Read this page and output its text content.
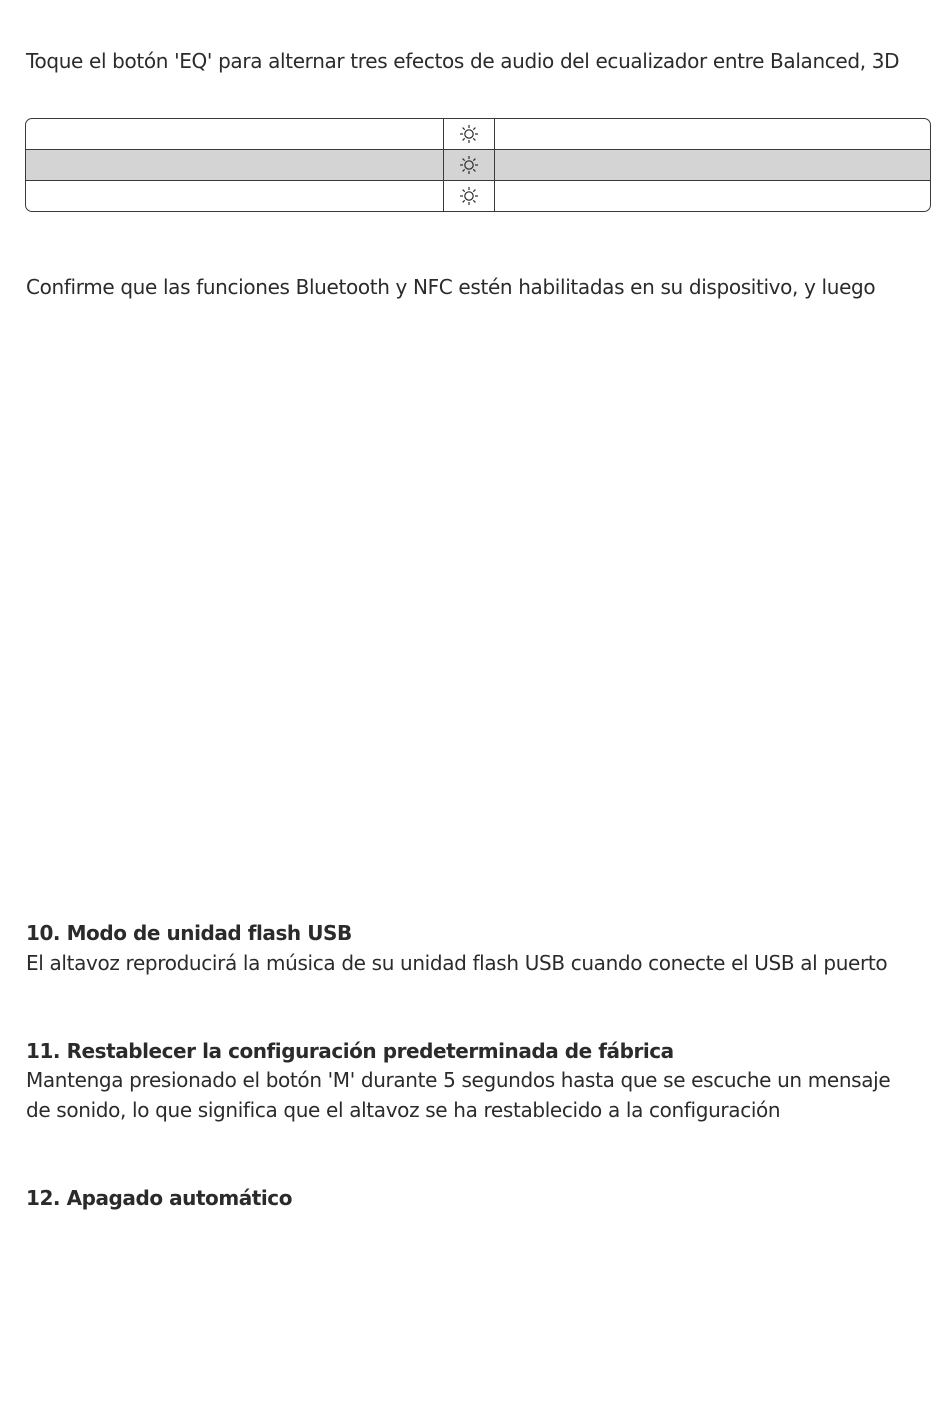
Toque el botón 'EQ' para alternar tres efectos de audio del ecualizador entre Balanced, 3D
Confirme que las funciones Bluetooth y NFC estén habilitadas en su dispositivo, y luego
10. Modo de unidad flash USB
El altavoz reproducirá la música de su unidad flash USB cuando conecte el USB al puerto
11. Restablecer la configuración predeterminada de fábrica
Mantenga presionado el botón 'M' durante 5 segundos hasta que se escuche un mensaje
de sonido, lo que significa que el altavoz se ha restablecido a la configuración
12. Apagado automático
